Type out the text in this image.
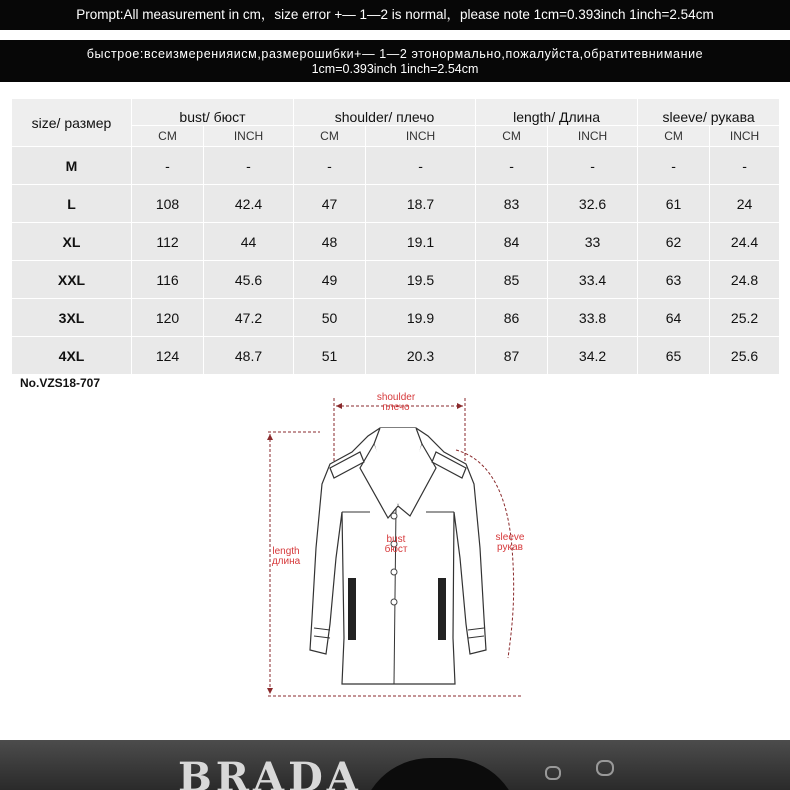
Prompt:All measurement in cm，size error +— 1—2 is normal，please note 1cm=0.393inch 1inch=2.54cm
быстрое:всеизмеренияисм,размерошибки+— 1—2 этонормально,пожалуйста,обратитевнимание
1cm=0.393inch 1inch=2.54cm
size/ размер	bust/ бюст		shoulder/ плечо		length/ Длина		sleeve/ рукава	
	CM	INCH	CM	INCH	CM	INCH	CM	INCH
M	-	-	-	-	-	-	-	-
L	108	42.4	47	18.7	83	32.6	61	24
XL	112	44	48	19.1	84	33	62	24.4
XXL	116	45.6	49	19.5	85	33.4	63	24.8
3XL	120	47.2	50	19.9	86	33.8	64	25.2
4XL	124	48.7	51	20.3	87	34.2	65	25.6
No.VZS18-707
shoulder
плечо
bust
бюст
length
длина
sleeve
рукав
BRADA
